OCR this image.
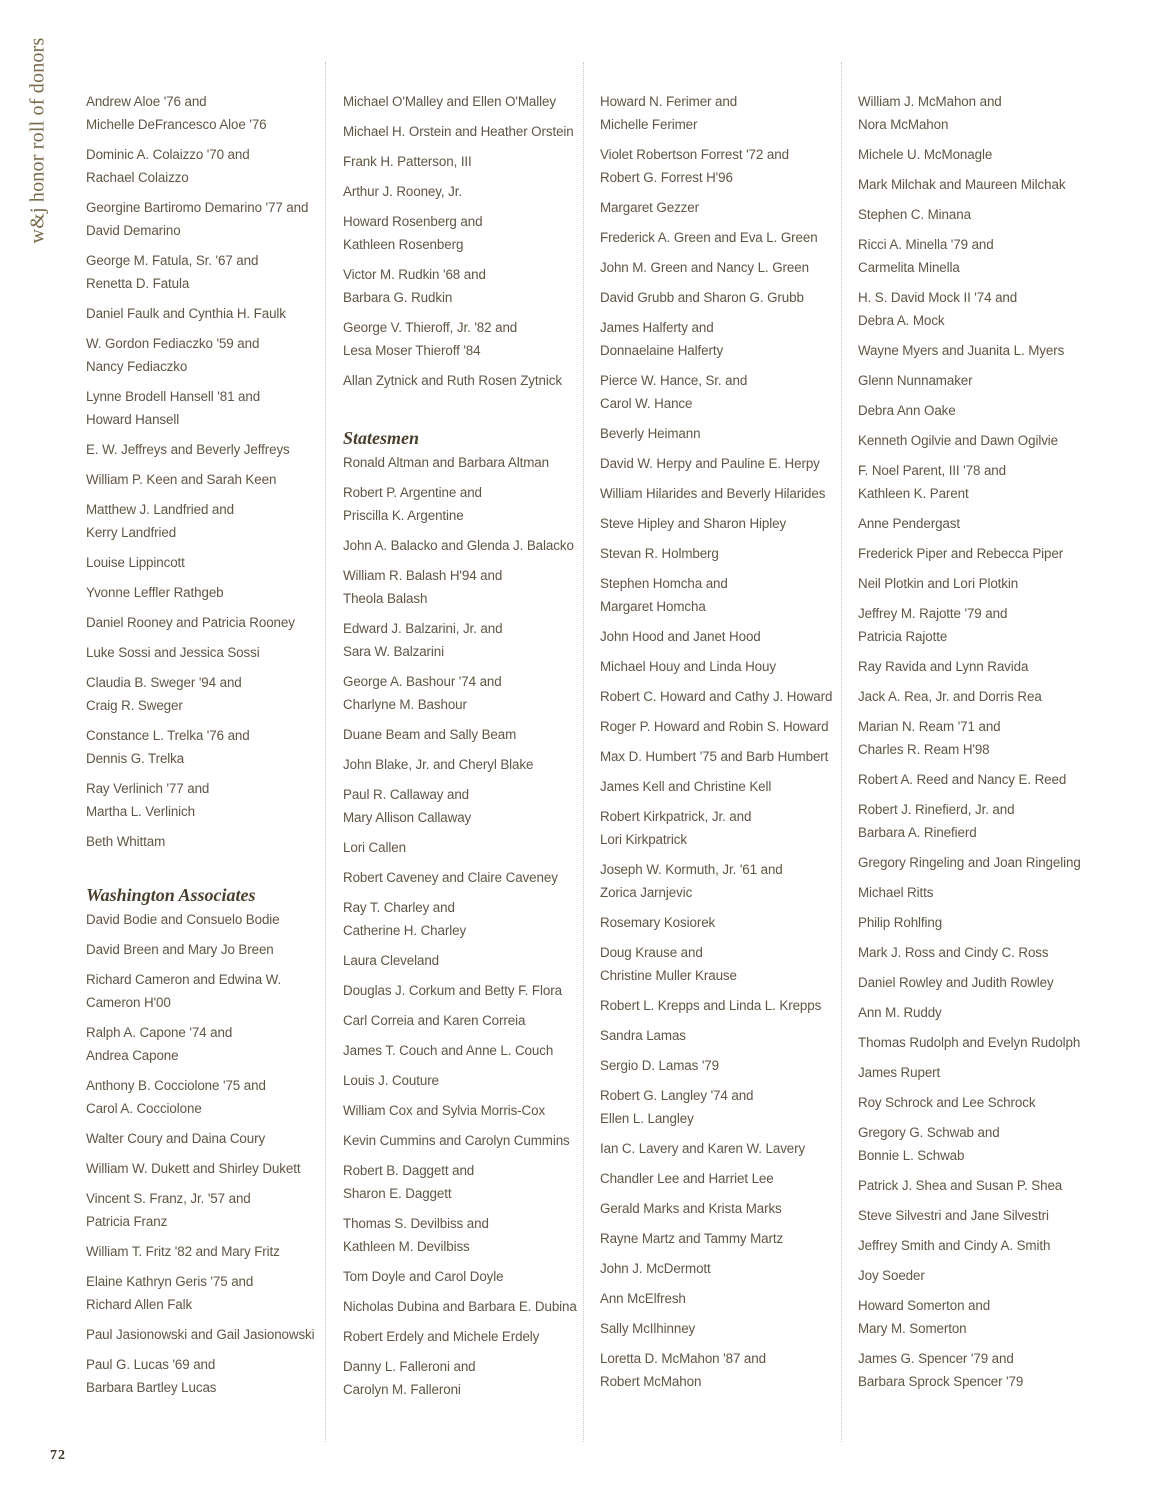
w&j honor roll of donors	Andrew Aloe '76 and
Michelle DeFrancesco Aloe '76
Dominic A. Colaizzo '70 and
Rachael Colaizzo
Georgine Bartiromo Demarino '77 and
David Demarino
George M. Fatula, Sr. '67 and
Renetta D. Fatula
Daniel Faulk and Cynthia H. Faulk
W. Gordon Fediaczko '59 and
Nancy Fediaczko
Lynne Brodell Hansell '81 and
Howard Hansell
E. W. Jeffreys and Beverly Jeffreys
William P. Keen and Sarah Keen
Matthew J. Landfried and
Kerry Landfried
Louise Lippincott
Yvonne Leffler Rathgeb
Daniel Rooney and Patricia Rooney
Luke Sossi and Jessica Sossi
Claudia B. Sweger '94 and
Craig R. Sweger
Constance L. Trelka '76 and
Dennis G. Trelka
Ray Verlinich '77 and
Martha L. Verlinich
Beth Whittam
Washington Associates
David Bodie and Consuelo Bodie
David Breen and Mary Jo Breen
Richard Cameron and Edwina W.
Cameron H'00
Ralph A. Capone '74 and
Andrea Capone
Anthony B. Cocciolone '75 and
Carol A. Cocciolone
Walter Coury and Daina Coury
William W. Dukett and Shirley Dukett
Vincent S. Franz, Jr. '57 and
Patricia Franz
William T. Fritz '82 and Mary Fritz
Elaine Kathryn Geris '75 and
Richard Allen Falk
Paul Jasionowski and Gail Jasionowski
Paul G. Lucas '69 and
Barbara Bartley Lucas
Michael O'Malley and Ellen O'Malley
Michael H. Orstein and Heather Orstein
Frank H. Patterson, III
Arthur J. Rooney, Jr.
Howard Rosenberg and
Kathleen Rosenberg
Victor M. Rudkin '68 and
Barbara G. Rudkin
George V. Thieroff, Jr. '82 and
Lesa Moser Thieroff '84
Allan Zytnick and Ruth Rosen Zytnick
Statesmen
Ronald Altman and Barbara Altman
Robert P. Argentine and
Priscilla K. Argentine
John A. Balacko and Glenda J. Balacko
William R. Balash H'94 and
Theola Balash
Edward J. Balzarini, Jr. and
Sara W. Balzarini
George A. Bashour '74 and
Charlyne M. Bashour
Duane Beam and Sally Beam
John Blake, Jr. and Cheryl Blake
Paul R. Callaway and
Mary Allison Callaway
Lori Callen
Robert Caveney and Claire Caveney
Ray T. Charley and
Catherine H. Charley
Laura Cleveland
Douglas J. Corkum and Betty F. Flora
Carl Correia and Karen Correia
James T. Couch and Anne L. Couch
Louis J. Couture
William Cox and Sylvia Morris-Cox
Kevin Cummins and Carolyn Cummins
Robert B. Daggett and
Sharon E. Daggett
Thomas S. Devilbiss and
Kathleen M. Devilbiss
Tom Doyle and Carol Doyle
Nicholas Dubina and Barbara E. Dubina
Robert Erdely and Michele Erdely
Danny L. Falleroni and
Carolyn M. Falleroni
Howard N. Ferimer and
Michelle Ferimer
Violet Robertson Forrest '72 and
Robert G. Forrest H'96
Margaret Gezzer
Frederick A. Green and Eva L. Green
John M. Green and Nancy L. Green
David Grubb and Sharon G. Grubb
James Halferty and
Donnaelaine Halferty
Pierce W. Hance, Sr. and
Carol W. Hance
Beverly Heimann
David W. Herpy and Pauline E. Herpy
William Hilarides and Beverly Hilarides
Steve Hipley and Sharon Hipley
Stevan R. Holmberg
Stephen Homcha and
Margaret Homcha
John Hood and Janet Hood
Michael Houy and Linda Houy
Robert C. Howard and Cathy J. Howard
Roger P. Howard and Robin S. Howard
Max D. Humbert '75 and Barb Humbert
James Kell and Christine Kell
Robert Kirkpatrick, Jr. and
Lori Kirkpatrick
Joseph W. Kormuth, Jr. '61 and
Zorica Jarnjevic
Rosemary Kosiorek
Doug Krause and
Christine Muller Krause
Robert L. Krepps and Linda L. Krepps
Sandra Lamas
Sergio D. Lamas '79
Robert G. Langley '74 and
Ellen L. Langley
Ian C. Lavery and Karen W. Lavery
Chandler Lee and Harriet Lee
Gerald Marks and Krista Marks
Rayne Martz and Tammy Martz
John J. McDermott
Ann McElfresh
Sally McIlhinney
Loretta D. McMahon '87 and
Robert McMahon
William J. McMahon and
Nora McMahon
Michele U. McMonagle
Mark Milchak and Maureen Milchak
Stephen C. Minana
Ricci A. Minella '79 and
Carmelita Minella
H. S. David Mock II '74 and
Debra A. Mock
Wayne Myers and Juanita L. Myers
Glenn Nunnamaker
Debra Ann Oake
Kenneth Ogilvie and Dawn Ogilvie
F. Noel Parent, III '78 and
Kathleen K. Parent
Anne Pendergast
Frederick Piper and Rebecca Piper
Neil Plotkin and Lori Plotkin
Jeffrey M. Rajotte '79 and
Patricia Rajotte
Ray Ravida and Lynn Ravida
Jack A. Rea, Jr. and Dorris Rea
Marian N. Ream '71 and
Charles R. Ream H'98
Robert A. Reed and Nancy E. Reed
Robert J. Rinefierd, Jr. and
Barbara A. Rinefierd
Gregory Ringeling and Joan Ringeling
Michael Ritts
Philip Rohlfing
Mark J. Ross and Cindy C. Ross
Daniel Rowley and Judith Rowley
Ann M. Ruddy
Thomas Rudolph and Evelyn Rudolph
James Rupert
Roy Schrock and Lee Schrock
Gregory G. Schwab and
Bonnie L. Schwab
Patrick J. Shea and Susan P. Shea
Steve Silvestri and Jane Silvestri
Jeffrey Smith and Cindy A. Smith
Joy Soeder
Howard Somerton and
Mary M. Somerton
James G. Spencer '79 and
Barbara Sprock Spencer '79
72
